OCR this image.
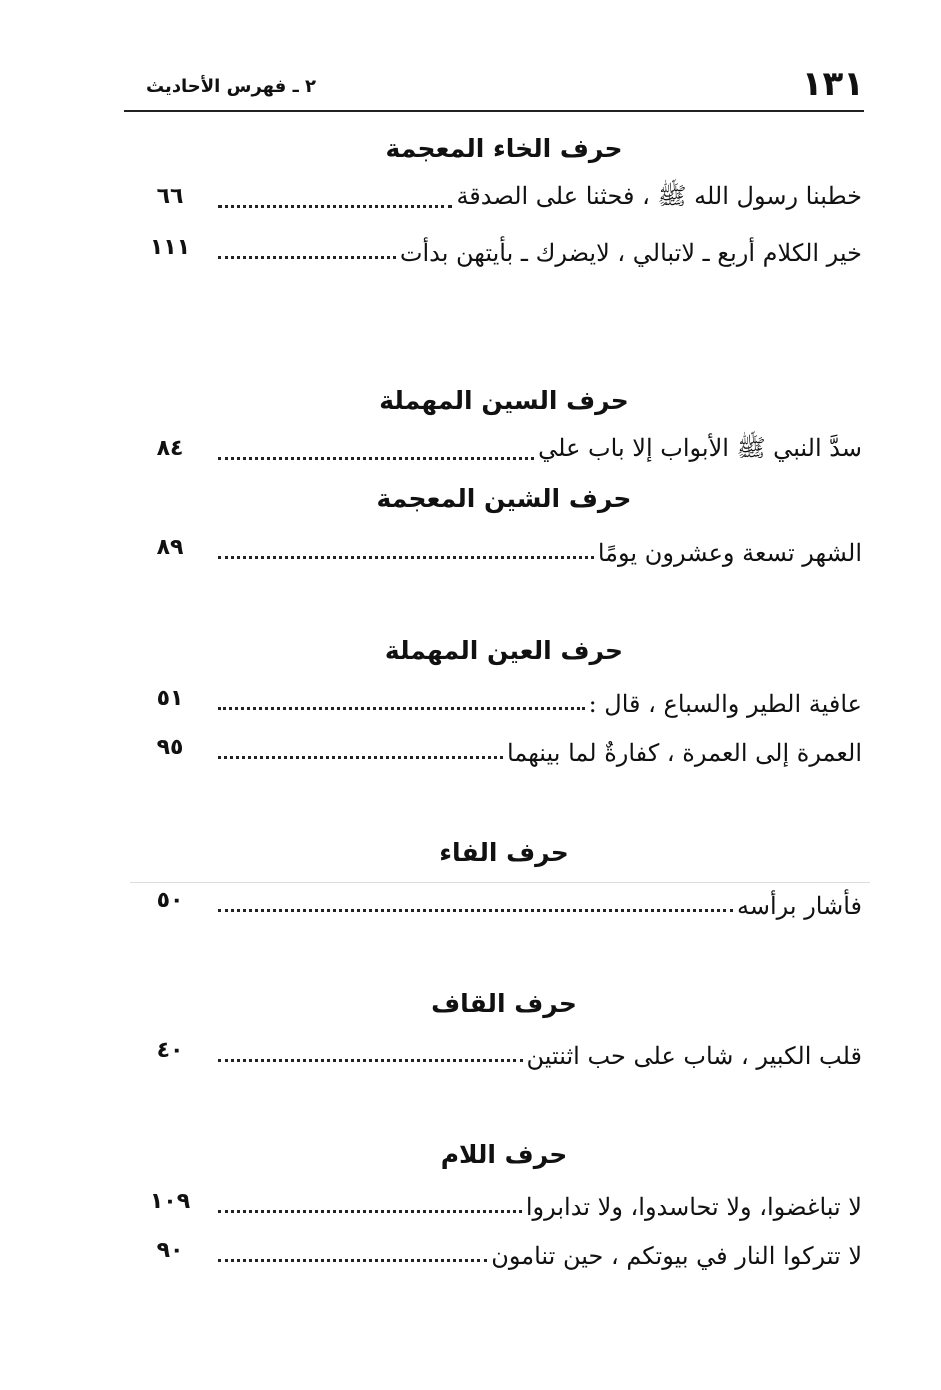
١٣١
٢ ـ فهرس الأحاديث
حرف الخاء المعجمة
٦٦	خطبنا رسول الله ﷺ ، فحثنا على الصدقة
١١١	خير الكلام أربع ـ لاتبالي ، لايضرك ـ بأيتهن بدأت
حرف السين المهملة
٨٤	سدَّ النبي ﷺ الأبواب إلا باب علي
حرف الشين المعجمة
٨٩	الشهر تسعة وعشرون يومًا
حرف العين المهملة
٥١	عافية الطير والسباع ، قال :
٩٥	العمرة إلى العمرة ، كفارةٌ لما بينهما
حرف الفاء
٥٠	فأشار برأسه
حرف القاف
٤٠	قلب الكبير ، شاب على حب اثنتين
حرف اللام
١٠٩	لا تباغضوا، ولا تحاسدوا، ولا تدابروا
٩٠	لا تتركوا النار في بيوتكم ، حين تنامون
